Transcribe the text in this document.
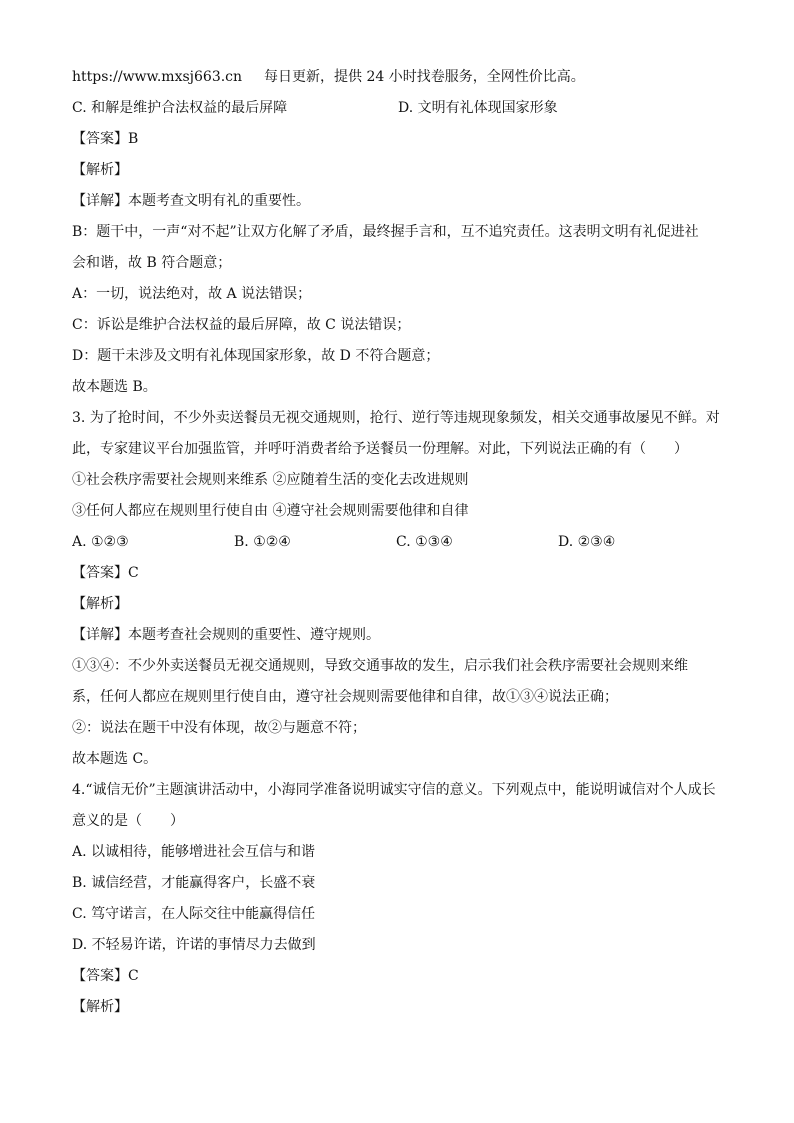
https://www.mxsj663.cn 每日更新，提供 24 小时找卷服务，全网性价比高。
C. 和解是维护合法权益的最后屏障	D. 文明有礼体现国家形象
【答案】B
【解析】
【详解】本题考查文明有礼的重要性。
B：题干中，一声“对不起”让双方化解了矛盾，最终握手言和，互不追究责任。这表明文明有礼促进社
会和谐，故 B 符合题意；
A：一切，说法绝对，故 A 说法错误；
C：诉讼是维护合法权益的最后屏障，故 C 说法错误；
D：题干未涉及文明有礼体现国家形象，故 D 不符合题意；
故本题选 B。
3. 为了抢时间，不少外卖送餐员无视交通规则，抢行、逆行等违规现象频发，相关交通事故屡见不鲜。对
此，专家建议平台加强监管，并呼吁消费者给予送餐员一份理解。对此，下列说法正确的有（　　）
①社会秩序需要社会规则来维系 ②应随着生活的变化去改进规则
③任何人都应在规则里行使自由 ④遵守社会规则需要他律和自律
A. ①②③	B. ①②④	C. ①③④	D. ②③④
【答案】C
【解析】
【详解】本题考查社会规则的重要性、遵守规则。
①③④：不少外卖送餐员无视交通规则，导致交通事故的发生，启示我们社会秩序需要社会规则来维
系，任何人都应在规则里行使自由，遵守社会规则需要他律和自律，故①③④说法正确；
②：说法在题干中没有体现，故②与题意不符；
故本题选 C。
4.“诚信无价”主题演讲活动中，小海同学准备说明诚实守信的意义。下列观点中，能说明诚信对个人成长
意义的是（　　）
A. 以诚相待，能够增进社会互信与和谐
B. 诚信经营，才能赢得客户，长盛不衰
C. 笃守诺言，在人际交往中能赢得信任
D. 不轻易许诺，许诺的事情尽力去做到
【答案】C
【解析】
